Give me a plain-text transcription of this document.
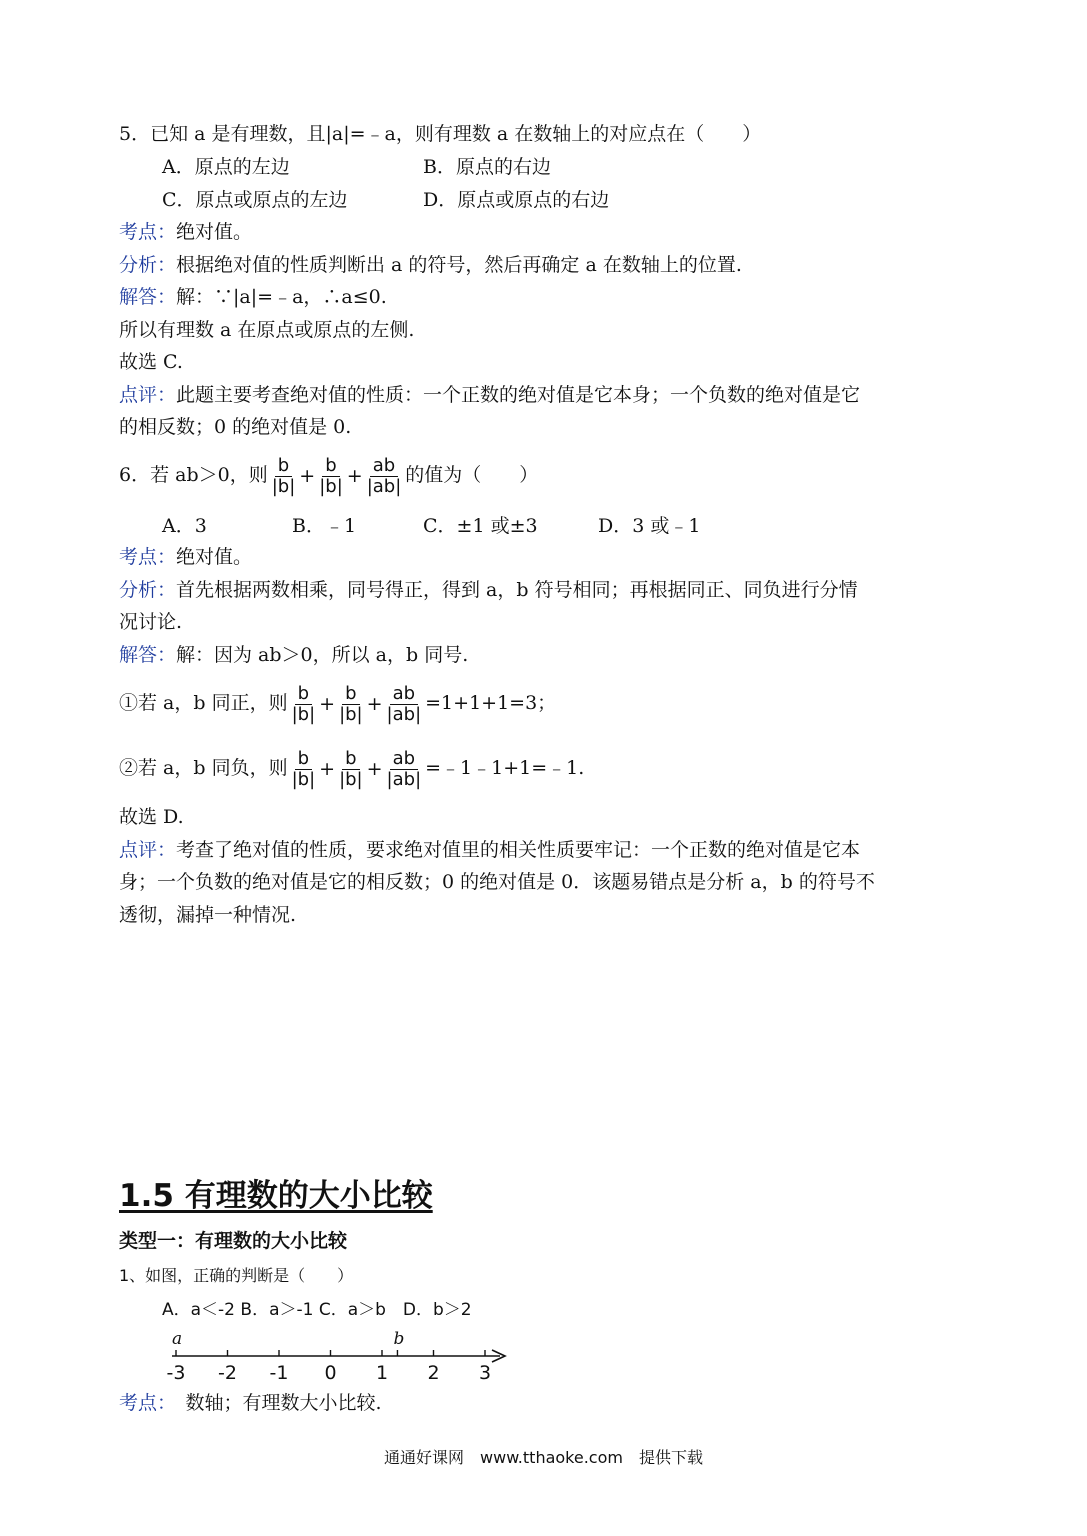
5．已知 a 是有理数，且|a|=﹣a，则有理数 a 在数轴上的对应点在（　　）
A．原点的左边	B．原点的右边
C．原点或原点的左边	D．原点或原点的右边
考点：绝对值。
分析：根据绝对值的性质判断出 a 的符号，然后再确定 a 在数轴上的位置.
解答：解：∵|a|=﹣a，∴a≤0.
所以有理数 a 在原点或原点的左侧.
故选 C.
点评：此题主要考查绝对值的性质：一个正数的绝对值是它本身；一个负数的绝对值是它
的相反数；0 的绝对值是 0.
6．若 ab＞0，则 $\frac{b}{|b|} + \frac{b}{|b|} + \frac{ab}{|ab|}$ 的值为（　　）
A．3	B．﹣1	C．±1 或±3	D．3 或﹣1
考点：绝对值。
分析：首先根据两数相乘，同号得正，得到 a，b 符号相同；再根据同正、同负进行分情
况讨论.
解答：解：因为 ab＞0，所以 a，b 同号.
①若 a，b 同正，则 $\frac{b}{|b|} + \frac{b}{|b|} + \frac{ab}{|ab|} =1+1+1=3$；
②若 a，b 同负，则 $\frac{b}{|b|} + \frac{b}{|b|} + \frac{ab}{|ab|}$ =﹣1﹣1+1=﹣1.
故选 D.
点评：考查了绝对值的性质，要求绝对值里的相关性质要牢记：一个正数的绝对值是它本
身；一个负数的绝对值是它的相反数；0 的绝对值是 0．该题易错点是分析 a，b 的符号不
透彻，漏掉一种情况.
1.5 有理数的大小比较
类型一：有理数的大小比较
1、如图，正确的判断是（　　）
A．a＜-2 B．a＞-1 C．a＞b　D．b＞2
-3 -2 -1 0 1 2 3
a	b
考点：　数轴；有理数大小比较.
通通好课网　www.tthaoke.com　提供下载
